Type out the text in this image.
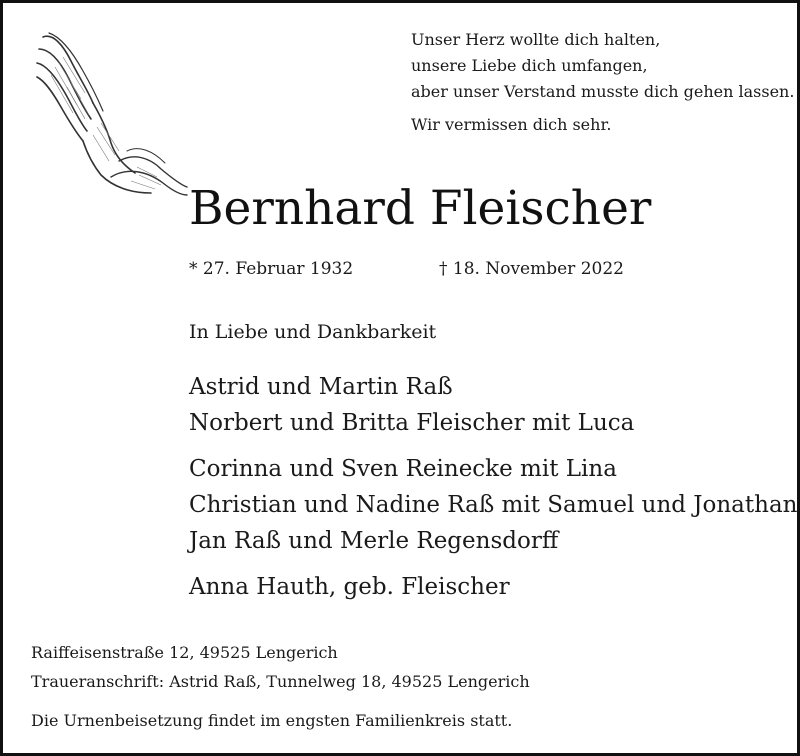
Unser Herz wollte dich halten,
unsere Liebe dich umfangen,
aber unser Verstand musste dich gehen lassen.
Wir vermissen dich sehr.
Bernhard Fleischer
* 27. Februar 1932	† 18. November 2022
In Liebe und Dankbarkeit
Astrid und Martin Raß
Norbert und Britta Fleischer mit Luca
Corinna und Sven Reinecke mit Lina
Christian und Nadine Raß mit Samuel und Jonathan
Jan Raß und Merle Regensdorff
Anna Hauth, geb. Fleischer
Raiffeisenstraße 12, 49525 Lengerich
Traueranschrift: Astrid Raß, Tunnelweg 18, 49525 Lengerich
Die Urnenbeisetzung findet im engsten Familienkreis statt.
